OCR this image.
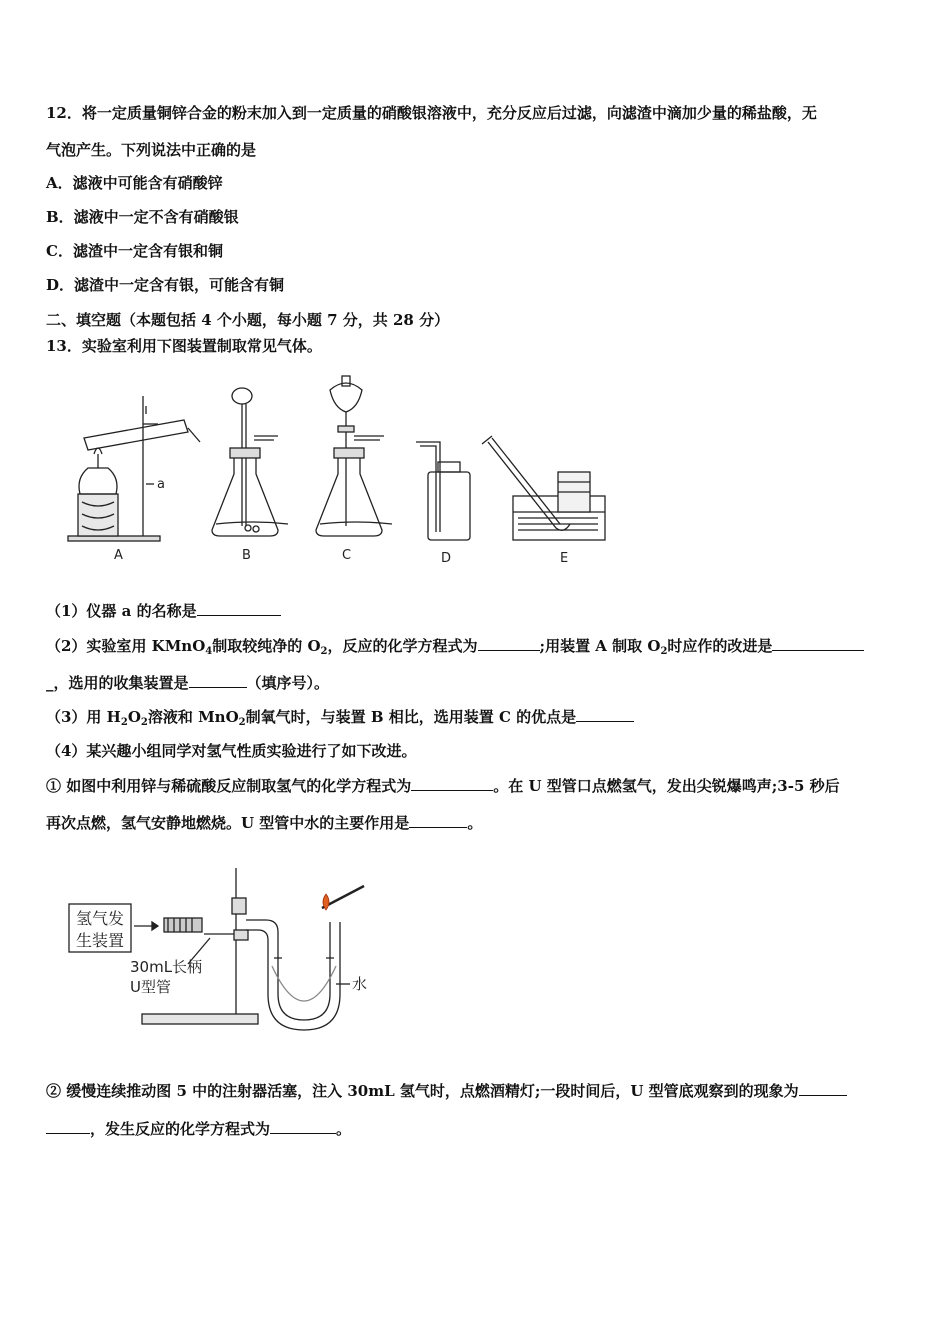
12．将一定质量铜锌合金的粉末加入到一定质量的硝酸银溶液中，充分反应后过滤，向滤渣中滴加少量的稀盐酸，无
气泡产生。下列说法中正确的是
A．滤液中可能含有硝酸锌
B．滤液中一定不含有硝酸银
C．滤渣中一定含有银和铜
D．滤渣中一定含有银，可能含有铜
二、填空题（本题包括 4 个小题，每小题 7 分，共 28 分）
13．实验室利用下图装置制取常见气体。
a
A	B	C	D	E
（1）仪器 a 的名称是
（2）实验室用 KMnO$_4$制取较纯净的 $O_2$，反应的化学方程式为	;用装置 A 制取 $O_2$时应作的改进是
_，选用的收集装置是	（填序号）。
（3）用 $H_2O_2$溶液和 MnO$_2$制氧气时，与装置 B 相比，选用装置 C 的优点是
（4）某兴趣小组同学对氢气性质实验进行了如下改进。
① 如图中利用锌与稀硫酸反应制取氢气的化学方程式为	。在 U 型管口点燃氢气，发出尖锐爆鸣声;3-5 秒后
再次点燃，氢气安静地燃烧。U 型管中水的主要作用是	。
氢气发
生装置
水
30mL长柄
U型管
② 缓慢连续推动图 5 中的注射器活塞，注入 30mL 氢气时，点燃酒精灯;一段时间后，U 型管底观察到的现象为
，发生反应的化学方程式为	。
